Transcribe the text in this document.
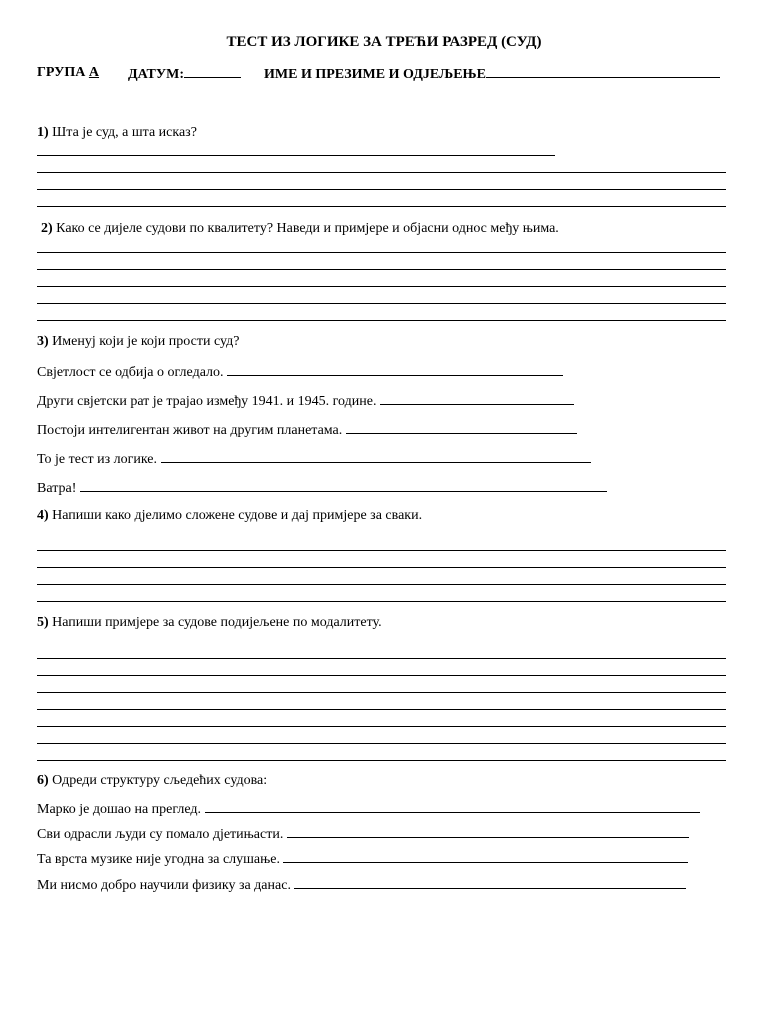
ТЕСТ ИЗ ЛОГИКЕ ЗА ТРЕЋИ РАЗРЕД (СУД)
ГРУПА А ДАТУМ:	ИМЕ И ПРЕЗИМЕ И ОДЈЕЉЕЊЕ
1) Шта је суд, а шта исказ?
2) Како се дијеле судови по квалитету? Наведи и примјере и објасни однос међу њима.
3) Именуј који је који прости суд?
Свјетлост се одбија о огледало.
Други свјетски рат је трајао између 1941. и 1945. године.
Постоји интелигентан живот на другим планетама.
То је тест из логике.
Ватра!
4) Напиши како дјелимо сложене судове и дај примјере за сваки.
5) Напиши примјере за судове подијељене по модалитету.
6) Одреди структуру сљедећих судова:
Марко је дошао на преглед.
Сви одрасли људи су помало дјетињасти.
Та врста музике није угодна за слушање.
Ми нисмо добро научили физику за данас.
